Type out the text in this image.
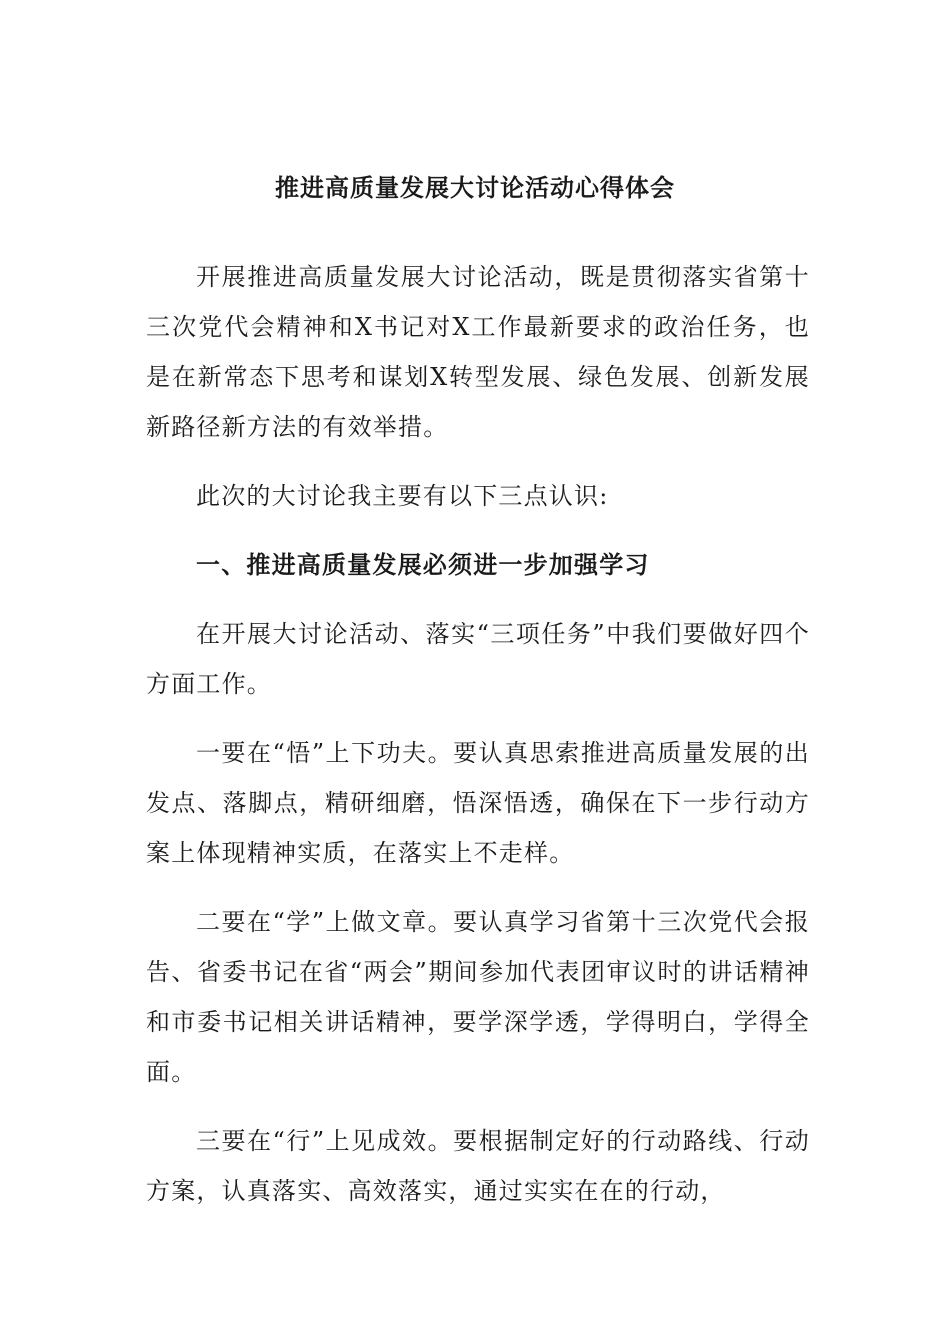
推进高质量发展大讨论活动心得体会

开展推进高质量发展大讨论活动，既是贯彻落实省第十三次党代会精神和X书记对X工作最新要求的政治任务，也是在新常态下思考和谋划X转型发展、绿色发展、创新发展新路径新方法的有效举措。

此次的大讨论我主要有以下三点认识:

一、推进高质量发展必须进一步加强学习

在开展大讨论活动、落实“三项任务”中我们要做好四个方面工作。

一要在“悟”上下功夫。要认真思索推进高质量发展的出发点、落脚点，精研细磨，悟深悟透，确保在下一步行动方案上体现精神实质，在落实上不走样。

二要在“学”上做文章。要认真学习省第十三次党代会报告、省委书记在省“两会”期间参加代表团审议时的讲话精神和市委书记相关讲话精神，要学深学透，学得明白，学得全面。

三要在“行”上见成效。要根据制定好的行动路线、行动方案，认真落实、高效落实，通过实实在在的行动，
